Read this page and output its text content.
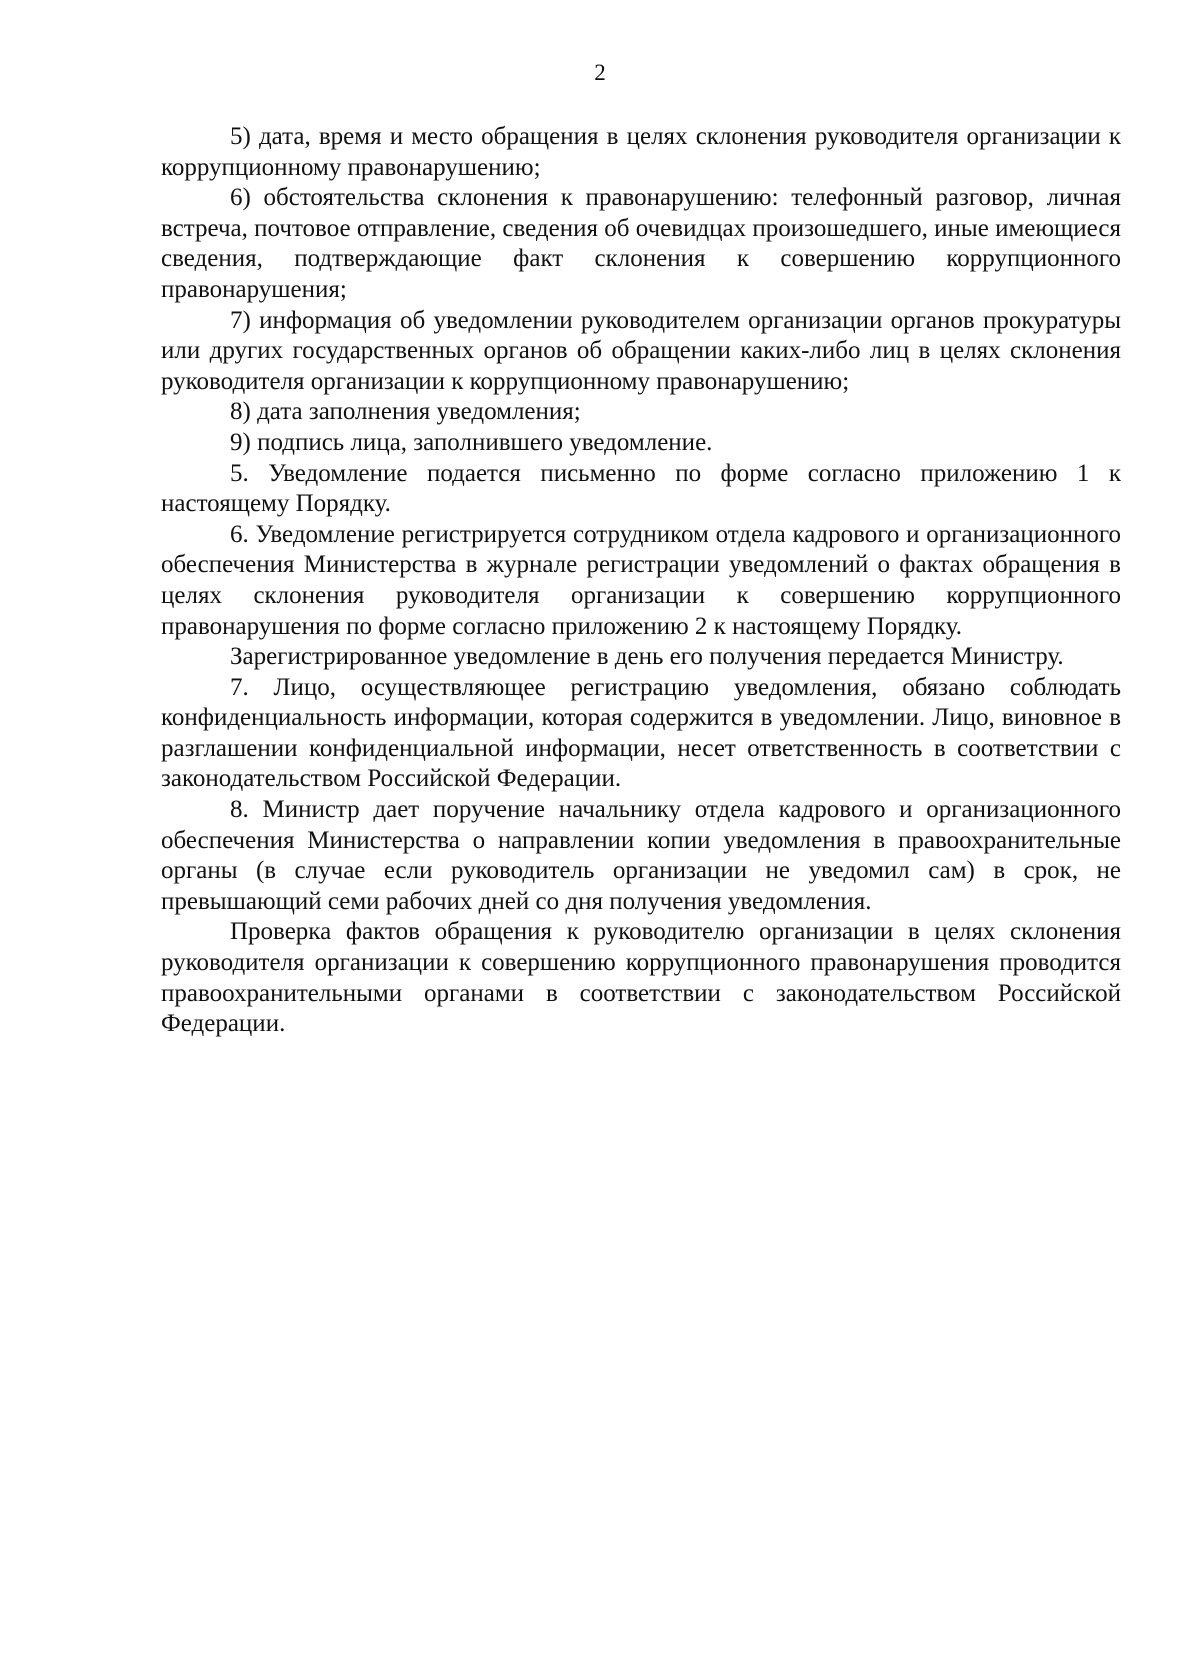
2

5) дата, время и место обращения в целях склонения руководителя организации к коррупционному правонарушению;

6) обстоятельства склонения к правонарушению: телефонный разговор, личная встреча, почтовое отправление, сведения об очевидцах произошедшего, иные имеющиеся сведения, подтверждающие факт склонения к совершению коррупционного правонарушения;

7) информация об уведомлении руководителем организации органов прокуратуры или других государственных органов об обращении каких-либо лиц в целях склонения руководителя организации к коррупционному правонарушению;

8) дата заполнения уведомления;

9) подпись лица, заполнившего уведомление.

5. Уведомление подается письменно по форме согласно приложению 1 к настоящему Порядку.

6. Уведомление регистрируется сотрудником отдела кадрового и организационного обеспечения Министерства в журнале регистрации уведомлений о фактах обращения в целях склонения руководителя организации к совершению коррупционного правонарушения по форме согласно приложению 2 к настоящему Порядку.

Зарегистрированное уведомление в день его получения передается Министру.

7. Лицо, осуществляющее регистрацию уведомления, обязано соблюдать конфиденциальность информации, которая содержится в уведомлении. Лицо, виновное в разглашении конфиденциальной информации, несет ответственность в соответствии с законодательством Российской Федерации.

8. Министр дает поручение начальнику отдела кадрового и организационного обеспечения Министерства о направлении копии уведомления в правоохранительные органы (в случае если руководитель организации не уведомил сам) в срок, не превышающий семи рабочих дней со дня получения уведомления.

Проверка фактов обращения к руководителю организации в целях склонения руководителя организации к совершению коррупционного правонарушения проводится правоохранительными органами в соответствии с законодательством Российской Федерации.
